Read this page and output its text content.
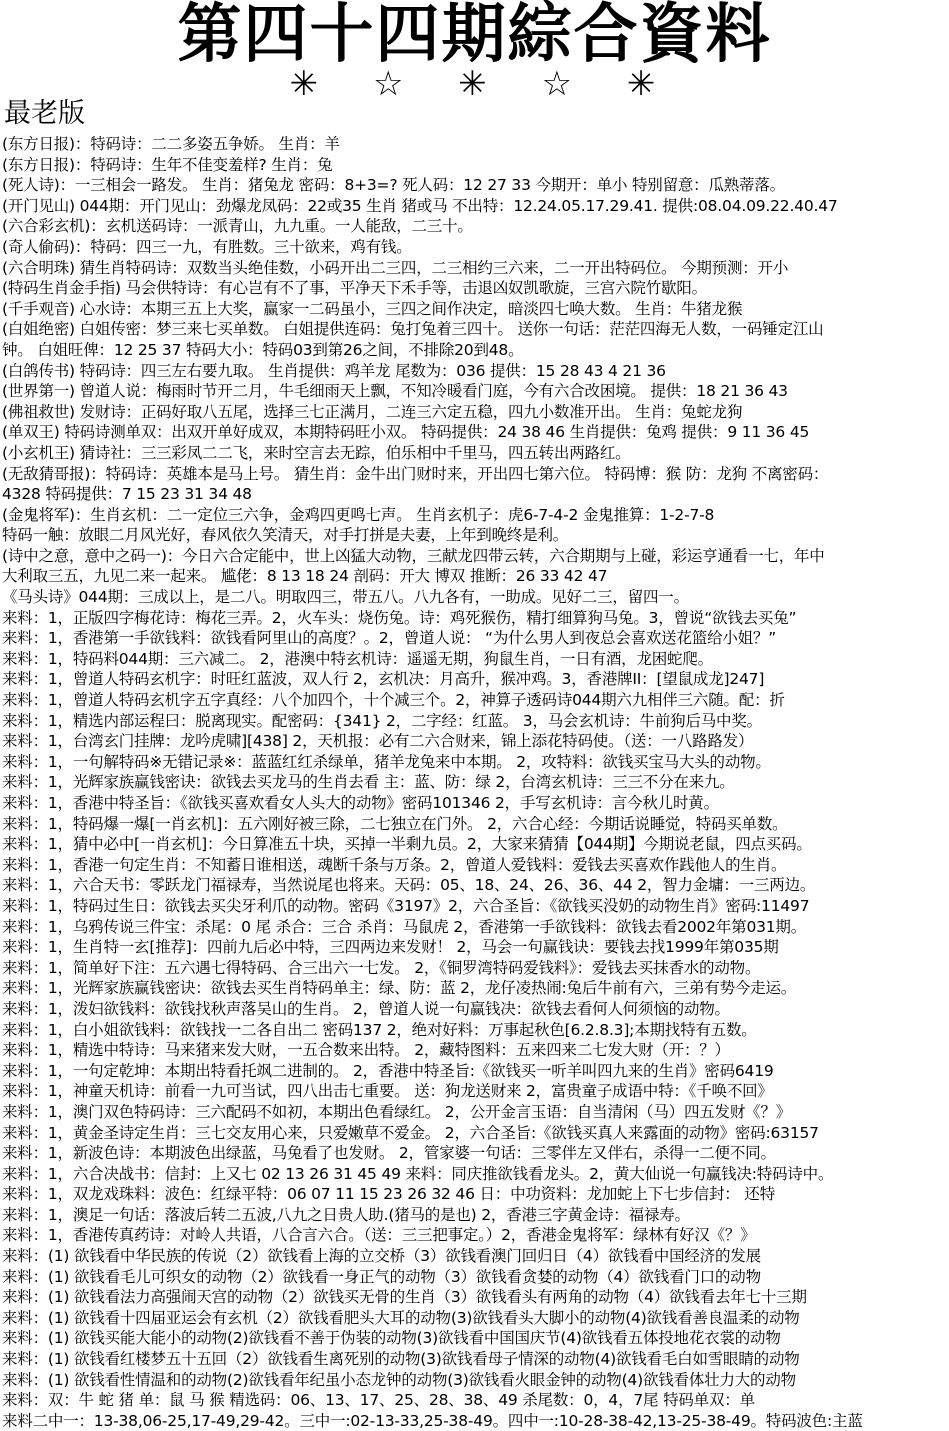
第四十四期綜合資料
✳ ☆ ✳ ☆ ✳
最老版
(东方日报)：特码诗：二二多姿五争娇。 生肖：羊
(东方日报)：特码诗：生年不佳变羞样? 生肖：兔
(死人诗)：一三相会一路发。 生肖：猪兔龙 密码：8+3=? 死人码：12 27 33 今期开：单小 特别留意：瓜熟蒂落。
(开门见山) 044期：开门见山：劲爆龙凤码：22或35 生肖 猪或马 不出特：12.24.05.17.29.41. 提供:08.04.09.22.40.47
(六合彩玄机)：玄机送码诗：一派青山，九九重。一人能敌，二三十。
(奇人偷码)：特码：四三一九，有胜数。三十欲来，鸡有钱。
(六合明珠) 猜生肖特码诗：双数当头绝佳数，小码开出二三四，二三相约三六来，二一开出特码位。 今期预测：开小
(特码生肖金手指) 马会供特诗：有心岂有不了事，平净天下禾手等，击退凶奴凯歌旋，三宫六院竹歇阳。
(千手观音) 心水诗：本期三五上大奖，赢家一二码虽小，三四之间作决定，暗淡四七唤大数。 生肖：牛猪龙猴
(白姐绝密) 白姐传密：梦三来七买单数。 白姐提供连码：兔打兔着三四十。 送你一句话：茫茫四海无人数，一码锤定江山
钟。 白姐旺俾：12 25 37 特码大小：特码03到第26之间，不排除20到48。
(白鸽传书) 特码诗：四三左右要九取。 生肖提供：鸡羊龙 尾数为：036 提供：15 28 43 4 21 36
(世界第一) 曾道人说：梅雨时节开二月，牛毛细雨天上飘，不知冷暖看门庭，今有六合改困境。 提供：18 21 36 43
(佛祖救世) 发财诗：正码好取八五尾，选择三七正满月，二连三六定五稳，四九小数准开出。 生肖：兔蛇龙狗
(单双王) 特码诗测单双：出双开单好成双，本期特码旺小双。 特码提供：24 38 46 生肖提供：兔鸡 提供：9 11 36 45
(小玄机王) 猜诗社：三三彩凤二二飞，来时空言去无踪，伯乐相中千里马，四五转出两路红。
(无敌猜哥报)：特码诗：英雄本是马上号。 猜生肖：金牛出门财时来，开出四七第六位。 特码博：猴 防：龙狗 不离密码：
4328 特码提供：7 15 23 31 34 48
(金鬼将军)：生肖玄机：二一定位三六争，金鸡四更鸣七声。 生肖玄机子：虎6-7-4-2 金鬼推算：1-2-7-8
特码一触：放眼二月风光好，春风依久笑清天，对手打拼是夫妻，上年到晚终是利。
(诗中之意，意中之码一)：今日六合定能中，世上凶猛大动物，三献龙四带云转，六合期期与上碰，彩运亨通看一七，年中
大利取三五，九见二来一起来。 尴佬：8 13 18 24 剖码：开大 博双 推断：26 33 42 47
《马头诗》044期：三成以上，是二八。明取四三，带五八。八九各有，一助成。见好二三，留四一。
来料：1，正版四字梅花诗：梅花三弄。2，火车头：烧伤兔。诗：鸡死猴伤，精打细算狗马兔。3，曾说“欲钱去买兔”
来料：1，香港第一手欲钱料：欲钱看阿里山的高度？。2，曾道人说： “为什么男人到夜总会喜欢送花篮给小姐？”
来料：1，特码料044期：三六减二。 2，港澳中特玄机诗：遥遥无期，狗鼠生肖，一日有酒，龙困蛇爬。
来料：1，曾道人特码玄机字：时旺红蓝波，双人行 2，玄机决：月高升，猴冲鸡。3，香港牌II：[望鼠成龙]247]
来料：1，曾道人特码玄机字五字真经：八个加四个，十个减三个。2，神算子透码诗044期六九相伴三六随。配：折
来料：1，精选内部运程曰：脱离现实。配密码：{341} 2，二字经：红蓝。 3，马会玄机诗：牛前狗后马中奖。
来料：1，台湾玄门挂牌：龙吟虎啸][438] 2，天机报：必有二六合财来，锦上添花特码使。（送：一八路路发）
来料：1，一句解特码※无错记录※：蓝蓝红红杀绿单，猪羊龙兔来中本期。 2，攻特料：欲钱买宝马大头的动物。
来料：1，光辉家族赢钱密诀：欲钱去买龙马的生肖去看 主：蓝、防：绿 2，台湾玄机诗：三三不分在来九。
来料：1，香港中特圣旨：《欲钱买喜欢看女人头大的动物》密码101346 2，手写玄机诗：言今秋儿时黄。
来料：1，特码爆一爆[一肖玄机]：五六刚好被三除，二七独立在门外。 2，六合心经：今期话说睡觉，特码买单数。
来料：1，猜中必中[一肖玄机]：今日算准五十块，买掉一半剩九员。2，大家来猜猜【044期】今期说老鼠，四点买码。
来料：1，香港一句定生肖：不知蓄日谁相送，魂断千条与万条。2，曾道人爱钱料：爱钱去买喜欢作践他人的生肖。
来料：1，六合天书：零跃龙门福禄寿，当然说尾也将来。天码：05、18、24、26、36、44 2，智力金墉：一三两边。
来料：1，特码过生日：欲钱去买尖牙利爪的动物。密码《3197》2，六合圣旨：《欲钱买没奶的动物生肖》密码:11497
来料：1，乌鸦传说三件宝：杀尾：0 尾 杀合：三合 杀肖：马鼠虎 2，香港第一手欲钱料：欲钱去看2002年第031期。
来料：1，生肖特一玄[推荐]：四前九后必中特，三四两边来发财！ 2，马会一句赢钱诀：要钱去找1999年第035期
来料：1，简单好下注：五六遇七得特码、合三出六一七发。 2，《铜罗湾特码爱钱料》：爱钱去买抹香水的动物。
来料：1，光辉家族赢钱密诀：欲钱去买生肖特码单主：绿、防：蓝 2，龙仔凌热闹:兔后牛前有六，三弟有势今走运。
来料：1，泼妇欲钱料：欲钱找秋声落吴山的生肖。 2，曾道人说一句赢钱决：欲钱去看何人何须恼的动物。
来料：1，白小姐欲钱料：欲钱找一二各自出二 密码137 2，绝对好料：万事起秋色[6.2.8.3];本期找特有五数。
来料：1，精选中特诗：马来猪来发大财，一五合数来出特。 2，藏特图料：五来四来二七发大财（开：？）
来料：1，一句定乾坤：本期出特看托飒二进制的。 2，香港中特圣旨:《欲钱买一听羊叫四九来的生肖》密码6419
来料：1，神童天机诗：前看一九可当试，四八出击七重要。 送：狗龙送财来 2，富贵童子成语中特：《千唤不回》
来料：1，澳门双色特码诗：三六配码不如初，本期出色看绿红。 2，公开金言玉语：自当清闲（马）四五发财《？》
来料：1，黄金圣诗定生肖：三七交友用心来，只爱嫩草不爱金。 2，六合圣旨:《欲钱买真人来露面的动物》密码:63157
来料：1，新波色诗：本期波色出绿蓝，马兔看了也发财。 2，管家婆一句话：三零伴左又伴右，杀得一二便不同。
来料：1，六合决战书：信封：上又七 02 13 26 31 45 49 来料：同庆推欲钱看龙头。2，黄大仙说一句赢钱决:特码诗中。
来料：1，双龙戏珠料：波色：红绿平特：06 07 11 15 23 26 32 46 日：中功资料：龙加蛇上下七步信封： 还特
来料：1，澳足一句话：落波后转二五波,八九之日贵人助.(猪马的是也) 2，香港三字黄金诗：福禄寿。
来料：1，香港传真药诗：对岭人共语，八合言六合。（送：三三把事定。）2，香港金鬼将军：绿林有好汉《？》
来料：(1) 欲钱看中华民族的传说（2）欲钱看上海的立交桥（3）欲钱看澳门回归日（4）欲钱看中国经济的发展
来料：(1) 欲钱看毛儿可织女的动物（2）欲钱看一身正气的动物（3）欲钱看贪婪的动物（4）欲钱看门口的动物
来料：(1) 欲钱看法力高强闹天宫的动物（2）欲钱买无骨的生肖（3）欲钱看头有两角的动物（4）欲钱看去年七十三期
来料：(1) 欲钱看十四届亚运会有玄机（2）欲钱看肥头大耳的动物(3)欲钱看头大脚小的动物(4)欲钱看善良温柔的动物
来料：(1) 欲钱买能大能小的动物(2)欲钱看不善于伪装的动物(3)欲钱看中国国庆节(4)欲钱看五体投地花衣裳的动物
来料：(1) 欲钱看红楼梦五十五回（2）欲钱看生离死别的动物(3)欲钱看母子情深的动物(4)欲钱看毛白如雪眼睛的动物
来料：(1) 欲钱看性情温和的动物(2)欲钱看年纪虽小态龙钟的动物(3)欲钱看火眼金钟的动物(4)欲钱看体壮力大的动物
来料：双：牛 蛇 猪 单：鼠 马 猴 精选码：06、13、17、25、28、38、49 杀尾数：0，4，7尾 特码单双：单
来料二中一：13-38,06-25,17-49,29-42。三中一:02-13-33,25-38-49。四中一:10-28-38-42,13-25-38-49。特码波色:主蓝
